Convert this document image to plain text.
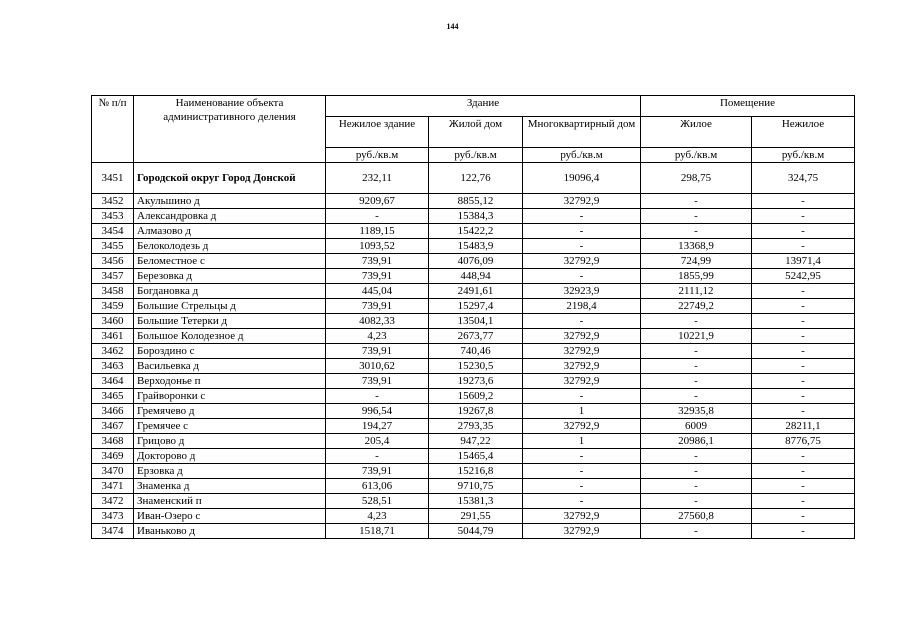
144
№ п/п	Наименование объекта административного деления	Здание			Помещение	
		Нежилое здание	Жилой дом	Многоквартирный дом	Жилое	Нежилое
		руб./кв.м	руб./кв.м	руб./кв.м	руб./кв.м	руб./кв.м
3451	Городской округ Город Донской	232,11	122,76	19096,4	298,75	324,75
3452	Акульшино д	9209,67	8855,12	32792,9	-	-
3453	Александровка д	-	15384,3	-	-	-
3454	Алмазово д	1189,15	15422,2	-	-	-
3455	Белоколодезь д	1093,52	15483,9	-	13368,9	-
3456	Беломестное с	739,91	4076,09	32792,9	724,99	13971,4
3457	Березовка д	739,91	448,94	-	1855,99	5242,95
3458	Богдановка д	445,04	2491,61	32923,9	2111,12	-
3459	Большие Стрельцы д	739,91	15297,4	2198,4	22749,2	-
3460	Большие Тетерки д	4082,33	13504,1	-	-	-
3461	Большое Колодезное д	4,23	2673,77	32792,9	10221,9	-
3462	Бороздино с	739,91	740,46	32792,9	-	-
3463	Васильевка д	3010,62	15230,5	32792,9	-	-
3464	Верходонье п	739,91	19273,6	32792,9	-	-
3465	Грайворонки с	-	15609,2	-	-	-
3466	Гремячево д	996,54	19267,8	1	32935,8	-
3467	Гремячее с	194,27	2793,35	32792,9	6009	28211,1
3468	Грицово д	205,4	947,22	1	20986,1	8776,75
3469	Докторово д	-	15465,4	-	-	-
3470	Ерзовка д	739,91	15216,8	-	-	-
3471	Знаменка д	613,06	9710,75	-	-	-
3472	Знаменский п	528,51	15381,3	-	-	-
3473	Иван-Озеро с	4,23	291,55	32792,9	27560,8	-
3474	Иваньково д	1518,71	5044,79	32792,9	-	-
